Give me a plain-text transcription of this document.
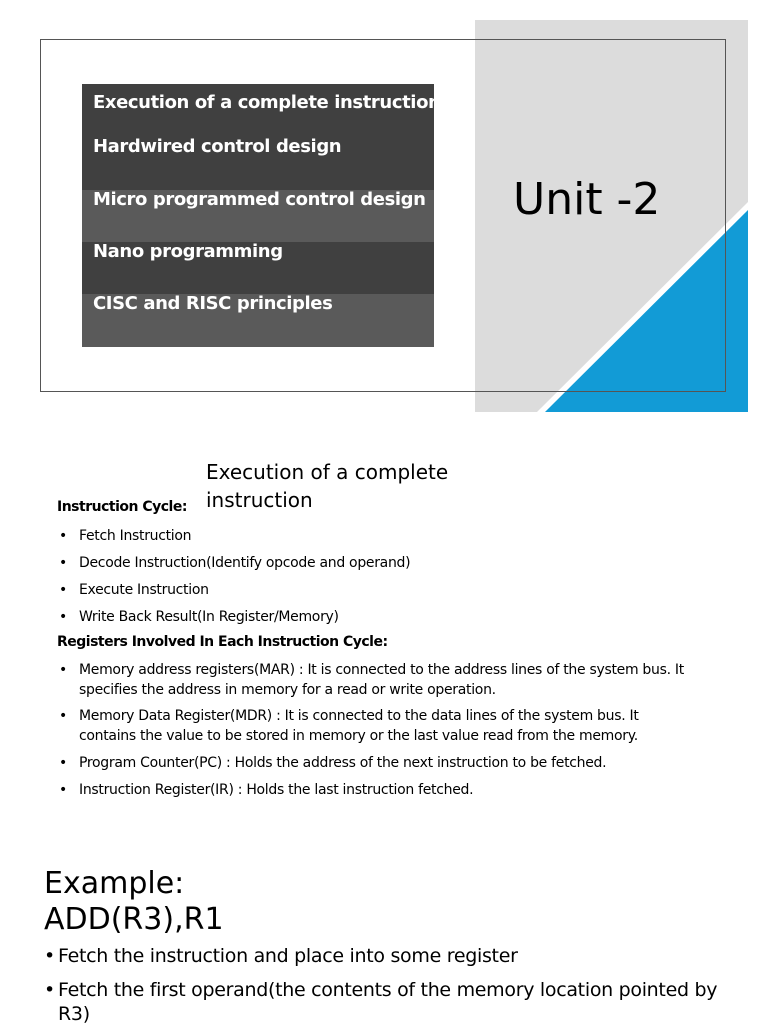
Execution of a complete instruction
Hardwired control design
Micro programmed control design
Nano programming
CISC and RISC principles
Unit -2
Execution of a complete instruction
Instruction Cycle:
• Fetch Instruction
• Decode Instruction(Identify opcode and operand)
• Execute Instruction
• Write Back Result(In Register/Memory)
Registers Involved In Each Instruction Cycle:
• Memory address registers(MAR) : It is connected to the address lines of the system bus. It specifies the address in memory for a read or write operation.
• Memory Data Register(MDR) : It is connected to the data lines of the system bus. It contains the value to be stored in memory or the last value read from the memory.
• Program Counter(PC) : Holds the address of the next instruction to be fetched.
• Instruction Register(IR) : Holds the last instruction fetched.
Example:
ADD(R3),R1
• Fetch the instruction and place into some register
• Fetch the first operand(the contents of the memory location pointed by R3)
